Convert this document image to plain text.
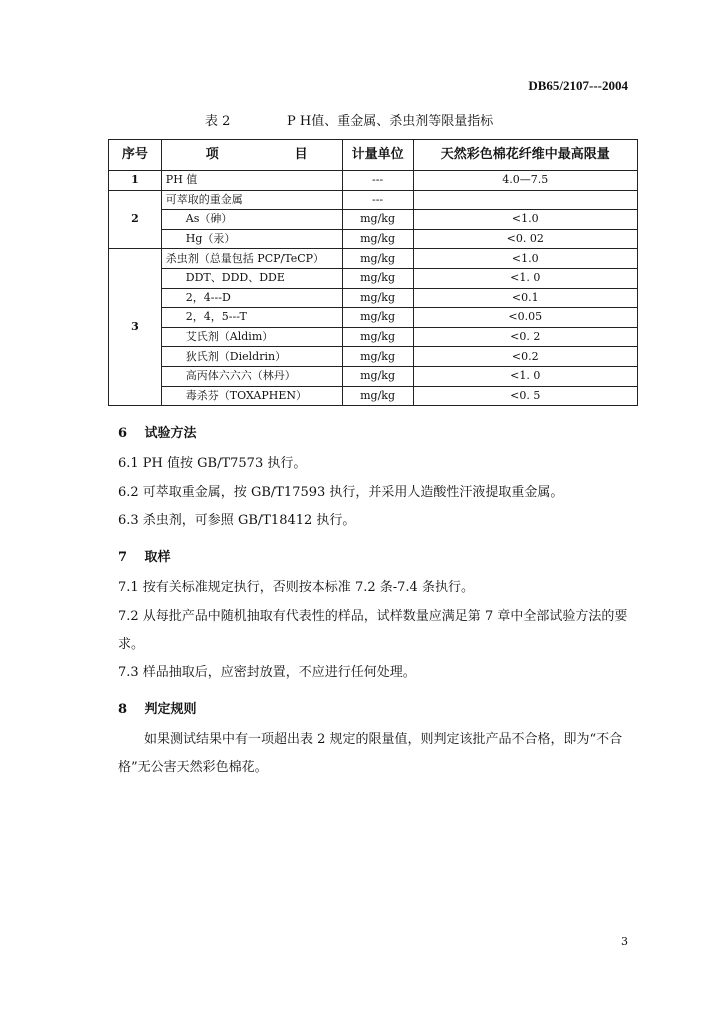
DB65/2107---2004
表 2	P H值、重金属、杀虫剂等限量指标
序号	项 目	计量单位	天然彩色棉花纤维中最高限量
1	PH 值	---	4.0—7.5
2	可萃取的重金属	---	
	As（砷）	mg/kg	<1.0
	Hg（汞）	mg/kg	<0. 02
3	杀虫剂（总量包括 PCP/TeCP）	mg/kg	<1.0
	DDT、DDD、DDE	mg/kg	<1. 0
	2，4---D	mg/kg	<0.1
	2，4，5---T	mg/kg	<0.05
	艾氏剂（Aldim）	mg/kg	<0. 2
	狄氏剂（Dieldrin）	mg/kg	<0.2
	高丙体六六六（林丹）	mg/kg	<1. 0
	毒杀芬（TOXAPHEN）	mg/kg	<0. 5
6 试验方法
6.1 PH 值按 GB/T7573 执行。
6.2 可萃取重金属，按 GB/T17593 执行，并采用人造酸性汗液提取重金属。
6.3 杀虫剂，可参照 GB/T18412 执行。
7 取样
7.1 按有关标准规定执行，否则按本标准 7.2 条-7.4 条执行。
7.2 从每批产品中随机抽取有代表性的样品，试样数量应满足第 7 章中全部试验方法的要求。
7.3 样品抽取后，应密封放置，不应进行任何处理。
8 判定规则
如果测试结果中有一项超出表 2 规定的限量值，则判定该批产品不合格，即为“不合格”无公害天然彩色棉花。
3
